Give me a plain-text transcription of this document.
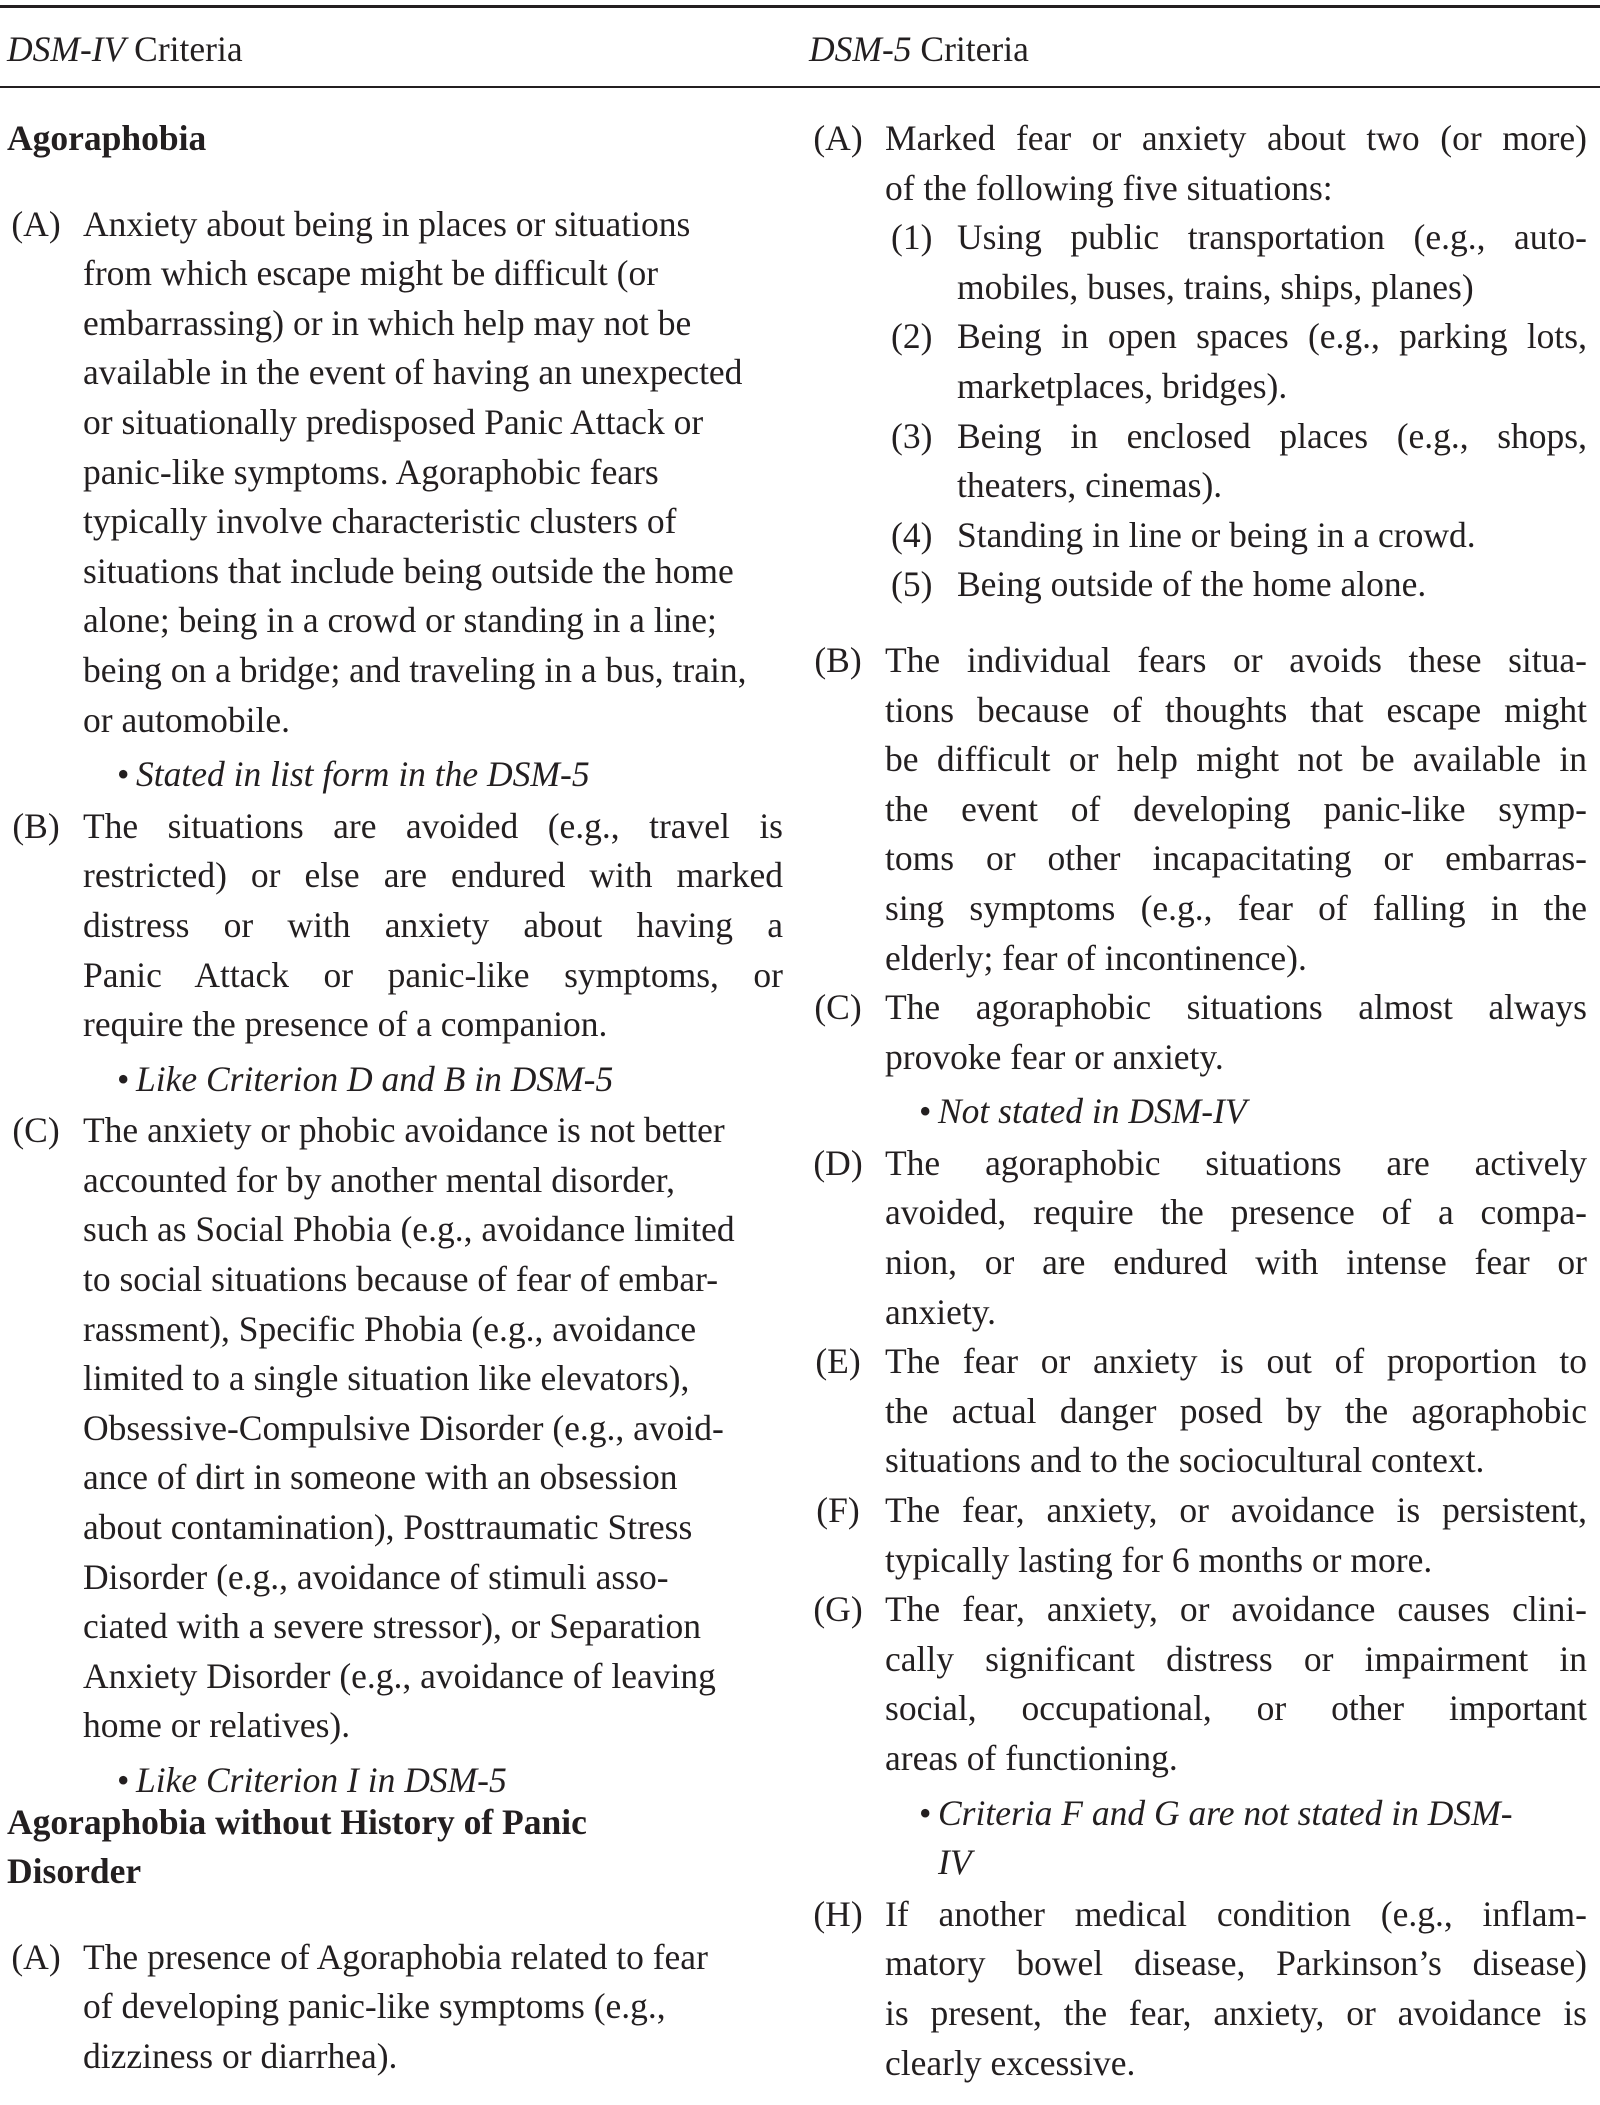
DSM-IV Criteria	DSM-5 Criteria
Agoraphobia
(A) Anxiety about being in places or situations
from which escape might be difficult (or
embarrassing) or in which help may not be
available in the event of having an unexpected
or situationally predisposed Panic Attack or
panic-like symptoms. Agoraphobic fears
typically involve characteristic clusters of
situations that include being outside the home
alone; being in a crowd or standing in a line;
being on a bridge; and traveling in a bus, train,
or automobile.
• Stated in list form in the DSM-5
(B) The situations are avoided (e.g., travel is
restricted) or else are endured with marked
distress or with anxiety about having a
Panic Attack or panic-like symptoms, or
require the presence of a companion.
• Like Criterion D and B in DSM-5
(C) The anxiety or phobic avoidance is not better
accounted for by another mental disorder,
such as Social Phobia (e.g., avoidance limited
to social situations because of fear of embar-
rassment), Specific Phobia (e.g., avoidance
limited to a single situation like elevators),
Obsessive-Compulsive Disorder (e.g., avoid-
ance of dirt in someone with an obsession
about contamination), Posttraumatic Stress
Disorder (e.g., avoidance of stimuli asso-
ciated with a severe stressor), or Separation
Anxiety Disorder (e.g., avoidance of leaving
home or relatives).
• Like Criterion I in DSM-5
Agoraphobia without History of Panic
Disorder
(A) The presence of Agoraphobia related to fear
of developing panic-like symptoms (e.g.,
dizziness or diarrhea).
(A) Marked fear or anxiety about two (or more)
of the following five situations:
(1) Using public transportation (e.g., auto-
mobiles, buses, trains, ships, planes)
(2) Being in open spaces (e.g., parking lots,
marketplaces, bridges).
(3) Being in enclosed places (e.g., shops,
theaters, cinemas).
(4) Standing in line or being in a crowd.
(5) Being outside of the home alone.
(B) The individual fears or avoids these situa-
tions because of thoughts that escape might
be difficult or help might not be available in
the event of developing panic-like symp-
toms or other incapacitating or embarras-
sing symptoms (e.g., fear of falling in the
elderly; fear of incontinence).
(C) The agoraphobic situations almost always
provoke fear or anxiety.
• Not stated in DSM-IV
(D) The agoraphobic situations are actively
avoided, require the presence of a compa-
nion, or are endured with intense fear or
anxiety.
(E) The fear or anxiety is out of proportion to
the actual danger posed by the agoraphobic
situations and to the sociocultural context.
(F) The fear, anxiety, or avoidance is persistent,
typically lasting for 6 months or more.
(G) The fear, anxiety, or avoidance causes clini-
cally significant distress or impairment in
social, occupational, or other important
areas of functioning.
• Criteria F and G are not stated in DSM-
IV
(H) If another medical condition (e.g., inflam-
matory bowel disease, Parkinson’s disease)
is present, the fear, anxiety, or avoidance is
clearly excessive.
